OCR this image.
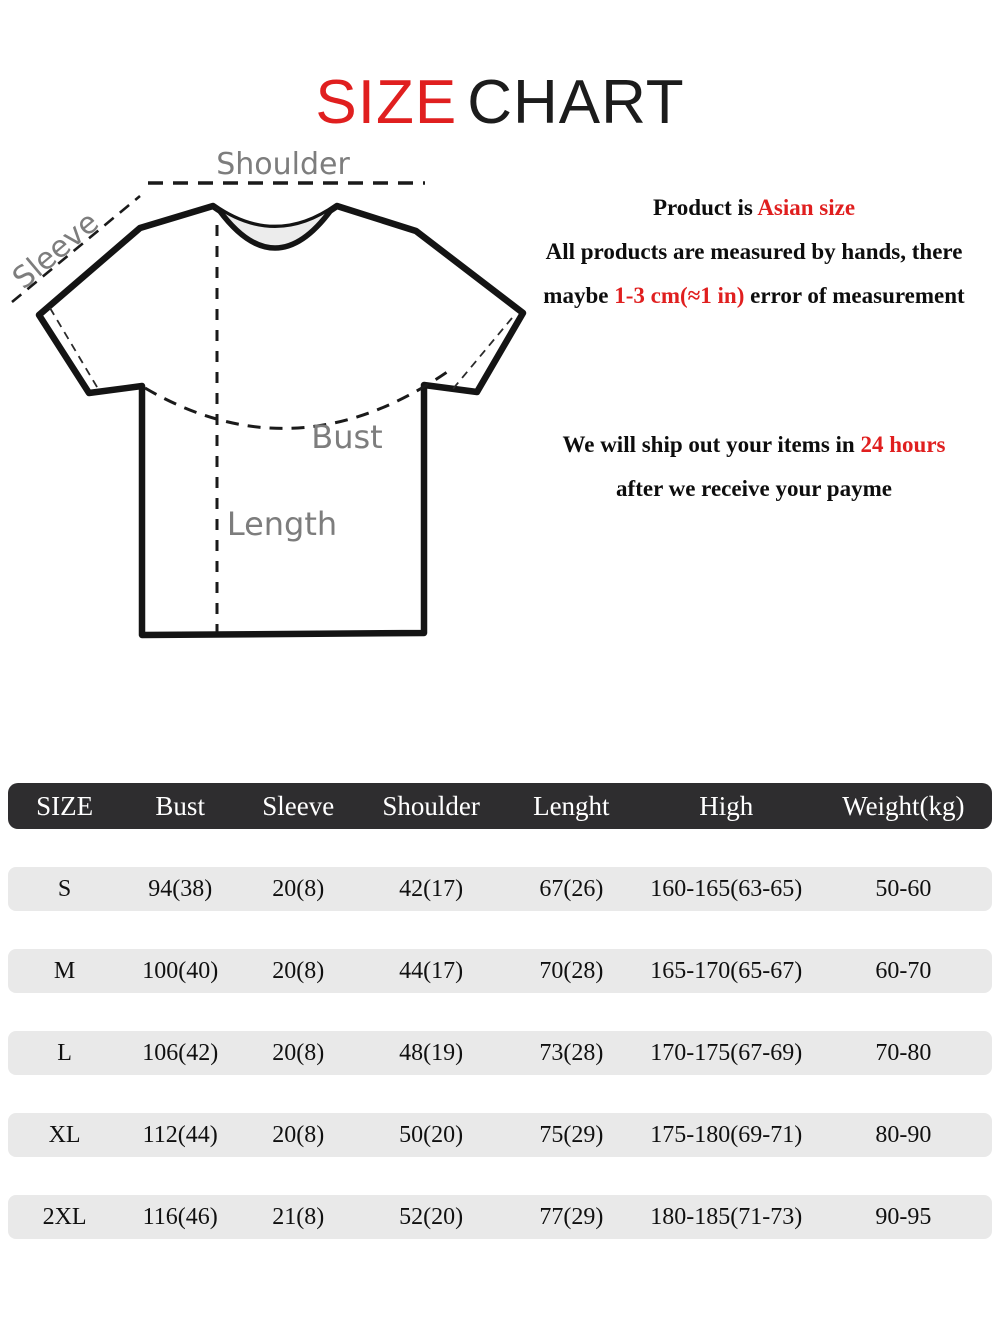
SIZE CHART
Shoulder
Sleeve
Bust
Length
Product is Asian size
All products are measured by hands, there
maybe 1-3 cm(≈1 in) error of measurement
We will ship out your items in 24 hours
after we receive your payme
SIZE	Bust	Sleeve	Shoulder	Lenght	High	Weight(kg)
S	94(38)	20(8)	42(17)	67(26)	160-165(63-65)	50-60
M	100(40)	20(8)	44(17)	70(28)	165-170(65-67)	60-70
L	106(42)	20(8)	48(19)	73(28)	170-175(67-69)	70-80
XL	112(44)	20(8)	50(20)	75(29)	175-180(69-71)	80-90
2XL	116(46)	21(8)	52(20)	77(29)	180-185(71-73)	90-95
